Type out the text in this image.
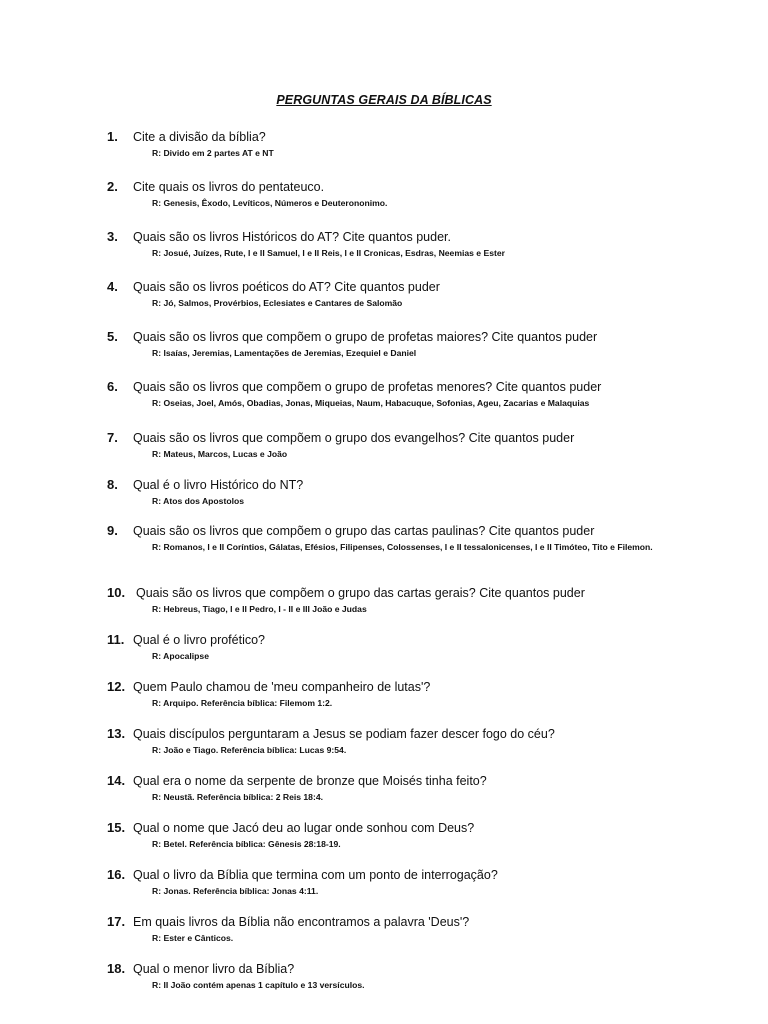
PERGUNTAS GERAIS DA BÍBLICAS
1. Cite a divisão da bíblia?
R: Divido em 2 partes AT e NT
2. Cite quais os livros do pentateuco.
R: Genesis, Êxodo, Levíticos, Números e Deuterononimo.
3. Quais são os livros Históricos do AT? Cite quantos puder.
R: Josué, Juízes, Rute, I e II Samuel, I e II Reis, I e II Cronicas, Esdras, Neemias e Ester
4. Quais são os livros poéticos do AT? Cite quantos puder
R: Jó, Salmos, Provérbios, Eclesiates e Cantares de Salomão
5. Quais são os livros que compõem o grupo de profetas maiores? Cite quantos puder
R: Isaías, Jeremias, Lamentações de Jeremias, Ezequiel e Daniel
6. Quais são os livros que compõem o grupo de profetas menores? Cite quantos puder
R: Oseias, Joel, Amós, Obadias, Jonas, Miqueias, Naum, Habacuque, Sofonias, Ageu, Zacarias e Malaquias
7. Quais são os livros que compõem o grupo dos evangelhos? Cite quantos puder
R: Mateus, Marcos, Lucas e João
8. Qual é o livro Histórico do NT?
R: Atos dos Apostolos
9. Quais são os livros que compõem o grupo das cartas paulinas? Cite quantos puder
R: Romanos, I e II Coríntios, Gálatas, Efésios, Filipenses, Colossenses, I e II tessalonicenses, I e II Timóteo, Tito e Filemon.
10. Quais são os livros que compõem o grupo das cartas gerais? Cite quantos puder
R: Hebreus, Tiago, I e II Pedro, I - II e III João e Judas
11. Qual é o livro profético?
R: Apocalipse
12. Quem Paulo chamou de 'meu companheiro de lutas'?
R: Arquipo. Referência bíblica: Filemom 1:2.
13. Quais discípulos perguntaram a Jesus se podiam fazer descer fogo do céu?
R: João e Tiago. Referência bíblica: Lucas 9:54.
14. Qual era o nome da serpente de bronze que Moisés tinha feito?
R: Neustã. Referência bíblica: 2 Reis 18:4.
15. Qual o nome que Jacó deu ao lugar onde sonhou com Deus?
R: Betel. Referência bíblica: Gênesis 28:18-19.
16. Qual o livro da Bíblia que termina com um ponto de interrogação?
R: Jonas. Referência bíblica: Jonas 4:11.
17. Em quais livros da Bíblia não encontramos a palavra 'Deus'?
R: Ester e Cânticos.
18. Qual o menor livro da Bíblia?
R: II João contém apenas 1 capítulo e 13 versículos.
